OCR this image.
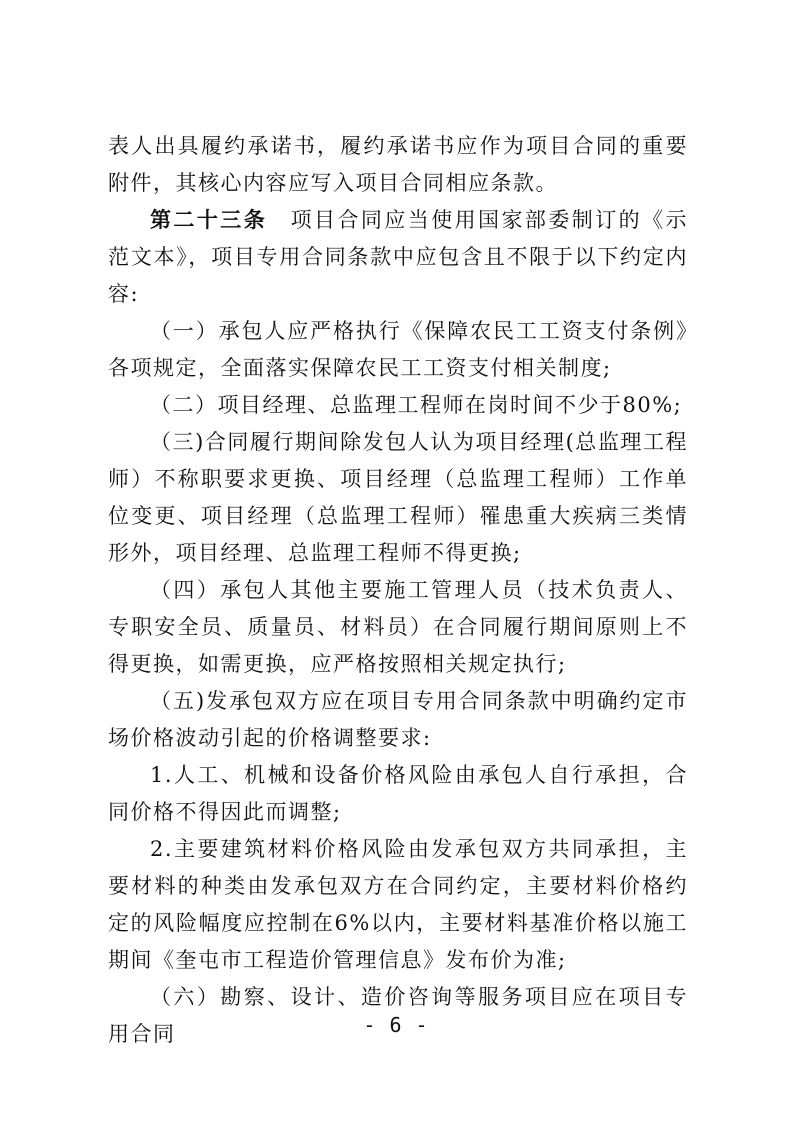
表人出具履约承诺书，履约承诺书应作为项目合同的重要附件，其核心内容应写入项目合同相应条款。

第二十三条　项目合同应当使用国家部委制订的《示范文本》，项目专用合同条款中应包含且不限于以下约定内容:

（一）承包人应严格执行《保障农民工工资支付条例》各项规定，全面落实保障农民工工资支付相关制度;

（二）项目经理、总监理工程师在岗时间不少于80%;

（三)合同履行期间除发包人认为项目经理(总监理工程师）不称职要求更换、项目经理（总监理工程师）工作单位变更、项目经理（总监理工程师）罹患重大疾病三类情形外，项目经理、总监理工程师不得更换;

（四）承包人其他主要施工管理人员（技术负责人、专职安全员、质量员、材料员）在合同履行期间原则上不得更换，如需更换，应严格按照相关规定执行;

（五)发承包双方应在项目专用合同条款中明确约定市场价格波动引起的价格调整要求:

1.人工、机械和设备价格风险由承包人自行承担，合同价格不得因此而调整;

2.主要建筑材料价格风险由发承包双方共同承担，主要材料的种类由发承包双方在合同约定，主要材料价格约定的风险幅度应控制在6%以内，主要材料基准价格以施工期间《奎屯市工程造价管理信息》发布价为准;

（六）勘察、设计、造价咨询等服务项目应在项目专用合同	- 6 -
